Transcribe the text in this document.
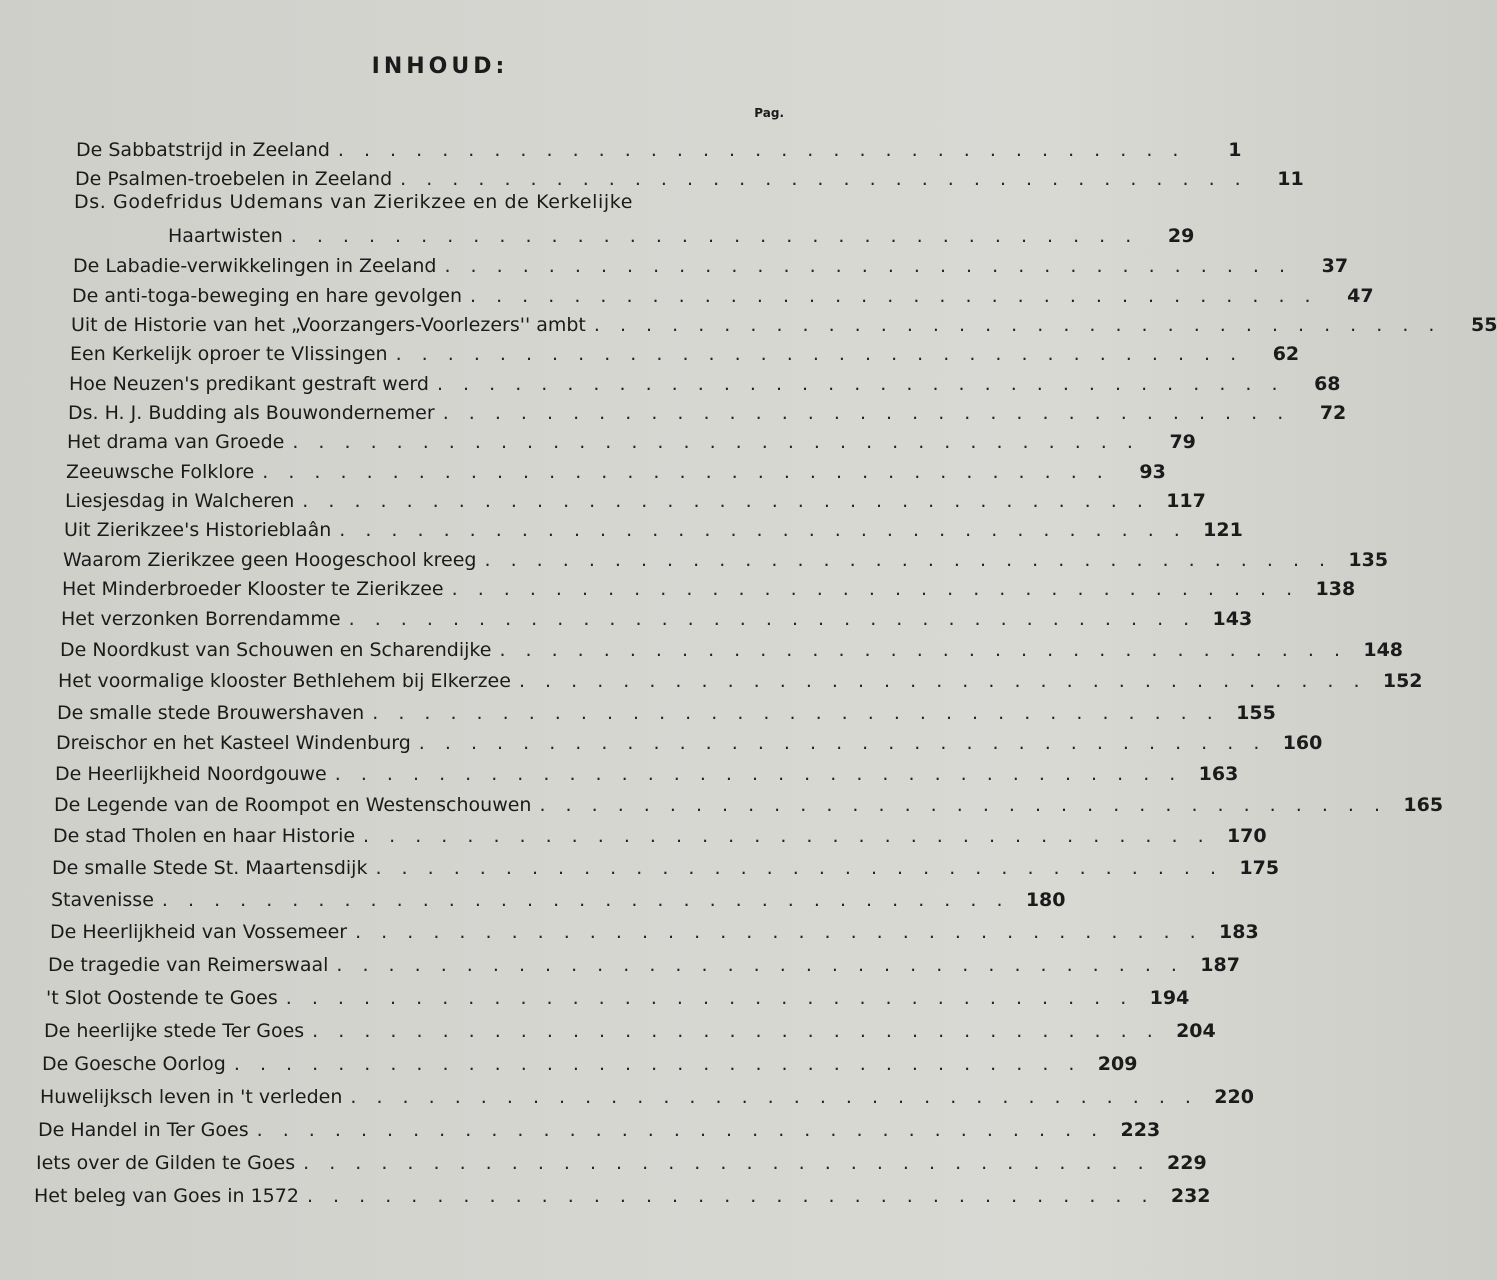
INHOUD:
Pag.
De Sabbatstrijd in Zeeland . . . . . . . . . . . . . . . . . . . . . . . . . . . . . . . . .	1
De Psalmen-troebelen in Zeeland . . . . . . . . . . . . . . . . . . . . . . . . . . . . . . . . .	11
Ds. Godefridus Udemans van Zierikzee en de Kerkelijke
Haartwisten . . . . . . . . . . . . . . . . . . . . . . . . . . . . . . . . .	29
De Labadie-verwikkelingen in Zeeland . . . . . . . . . . . . . . . . . . . . . . . . . . . . . . . . .	37
De anti-toga-beweging en hare gevolgen . . . . . . . . . . . . . . . . . . . . . . . . . . . . . . . . .	47
Uit de Historie van het „Voorzangers-Voorlezers'' ambt . . . . . . . . . . . . . . . . . . . . . . . . . . . . . . . . .	55
Een Kerkelijk oproer te Vlissingen . . . . . . . . . . . . . . . . . . . . . . . . . . . . . . . . .	62
Hoe Neuzen's predikant gestraft werd . . . . . . . . . . . . . . . . . . . . . . . . . . . . . . . . .	68
Ds. H. J. Budding als Bouwondernemer . . . . . . . . . . . . . . . . . . . . . . . . . . . . . . . . .	72
Het drama van Groede . . . . . . . . . . . . . . . . . . . . . . . . . . . . . . . . .	79
Zeeuwsche Folklore . . . . . . . . . . . . . . . . . . . . . . . . . . . . . . . . .	93
Liesjesdag in Walcheren . . . . . . . . . . . . . . . . . . . . . . . . . . . . . . . . . 117
Uit Zierikzee's Historieblaân . . . . . . . . . . . . . . . . . . . . . . . . . . . . . . . . . 121
Waarom Zierikzee geen Hoogeschool kreeg . . . . . . . . . . . . . . . . . . . . . . . . . . . . . . . . . 135
Het Minderbroeder Klooster te Zierikzee . . . . . . . . . . . . . . . . . . . . . . . . . . . . . . . . . 138
Het verzonken Borrendamme . . . . . . . . . . . . . . . . . . . . . . . . . . . . . . . . . 143
De Noordkust van Schouwen en Scharendijke . . . . . . . . . . . . . . . . . . . . . . . . . . . . . . . . . 148
Het voormalige klooster Bethlehem bij Elkerzee . . . . . . . . . . . . . . . . . . . . . . . . . . . . . . . . . 152
De smalle stede Brouwershaven . . . . . . . . . . . . . . . . . . . . . . . . . . . . . . . . . 155
Dreischor en het Kasteel Windenburg . . . . . . . . . . . . . . . . . . . . . . . . . . . . . . . . . 160
De Heerlijkheid Noordgouwe . . . . . . . . . . . . . . . . . . . . . . . . . . . . . . . . . 163
De Legende van de Roompot en Westenschouwen . . . . . . . . . . . . . . . . . . . . . . . . . . . . . . . . . 165
De stad Tholen en haar Historie . . . . . . . . . . . . . . . . . . . . . . . . . . . . . . . . . 170
De smalle Stede St. Maartensdijk . . . . . . . . . . . . . . . . . . . . . . . . . . . . . . . . . 175
Stavenisse . . . . . . . . . . . . . . . . . . . . . . . . . . . . . . . . . 180
De Heerlijkheid van Vossemeer . . . . . . . . . . . . . . . . . . . . . . . . . . . . . . . . . 183
De tragedie van Reimerswaal . . . . . . . . . . . . . . . . . . . . . . . . . . . . . . . . . 187
't Slot Oostende te Goes . . . . . . . . . . . . . . . . . . . . . . . . . . . . . . . . . 194
De heerlijke stede Ter Goes . . . . . . . . . . . . . . . . . . . . . . . . . . . . . . . . . 204
De Goesche Oorlog . . . . . . . . . . . . . . . . . . . . . . . . . . . . . . . . . 209
Huwelijksch leven in 't verleden . . . . . . . . . . . . . . . . . . . . . . . . . . . . . . . . . 220
De Handel in Ter Goes . . . . . . . . . . . . . . . . . . . . . . . . . . . . . . . . . 223
Iets over de Gilden te Goes . . . . . . . . . . . . . . . . . . . . . . . . . . . . . . . . . 229
Het beleg van Goes in 1572 . . . . . . . . . . . . . . . . . . . . . . . . . . . . . . . . . 232
